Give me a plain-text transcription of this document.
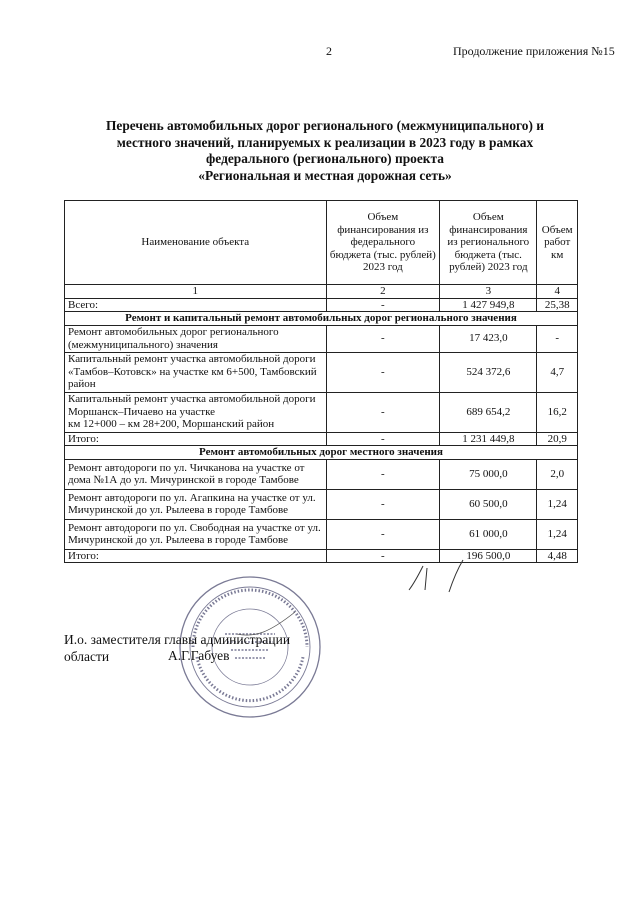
2	Продолжение приложения №15
Перечень автомобильных дорог регионального (межмуниципального) и
местного значений, планируемых к реализации в 2023 году в рамках
федерального (регионального) проекта
«Региональная и местная дорожная сеть»
Наименование объекта	Объем финансирования из федерального бюджета (тыс. рублей) 2023 год	Объем финансирования из регионального бюджета (тыс. рублей) 2023 год	Объем работ км
1	2	3	4
Всего:	-	1 427 949,8	25,38
Ремонт и капитальный ремонт автомобильных дорог регионального значения			
Ремонт автомобильных дорог регионального (межмуниципального) значения	-	17 423,0	-
Капитальный ремонт участка автомобильной дороги «Тамбов–Котовск» на участке км 6+500, Тамбовский район	-	524 372,6	4,7

Капитальный ремонт участка автомобильной дороги
Моршанск–Пичаево на участке
км 12+000 – км 28+200, Моршанский район	-	689 654,2	16,2
Итого:	-	1 231 449,8	20,9
Ремонт автомобильных дорог местного значения			
Ремонт автодороги по ул. Чичканова на участке от дома №1А до ул. Мичуринской в городе Тамбове	-	75 000,0	2,0
Ремонт автодороги по ул. Агапкина на участке от ул. Мичуринской до ул. Рылеева в городе Тамбове	-	60 500,0	1,24
Ремонт автодороги по ул. Свободная на участке от ул. Мичуринской до ул. Рылеева в городе Тамбове	-	61 000,0	1,24
Итого:	-	196 500,0	4,48
И.о. заместителя главы администрации
области	А.Г.Габуев
